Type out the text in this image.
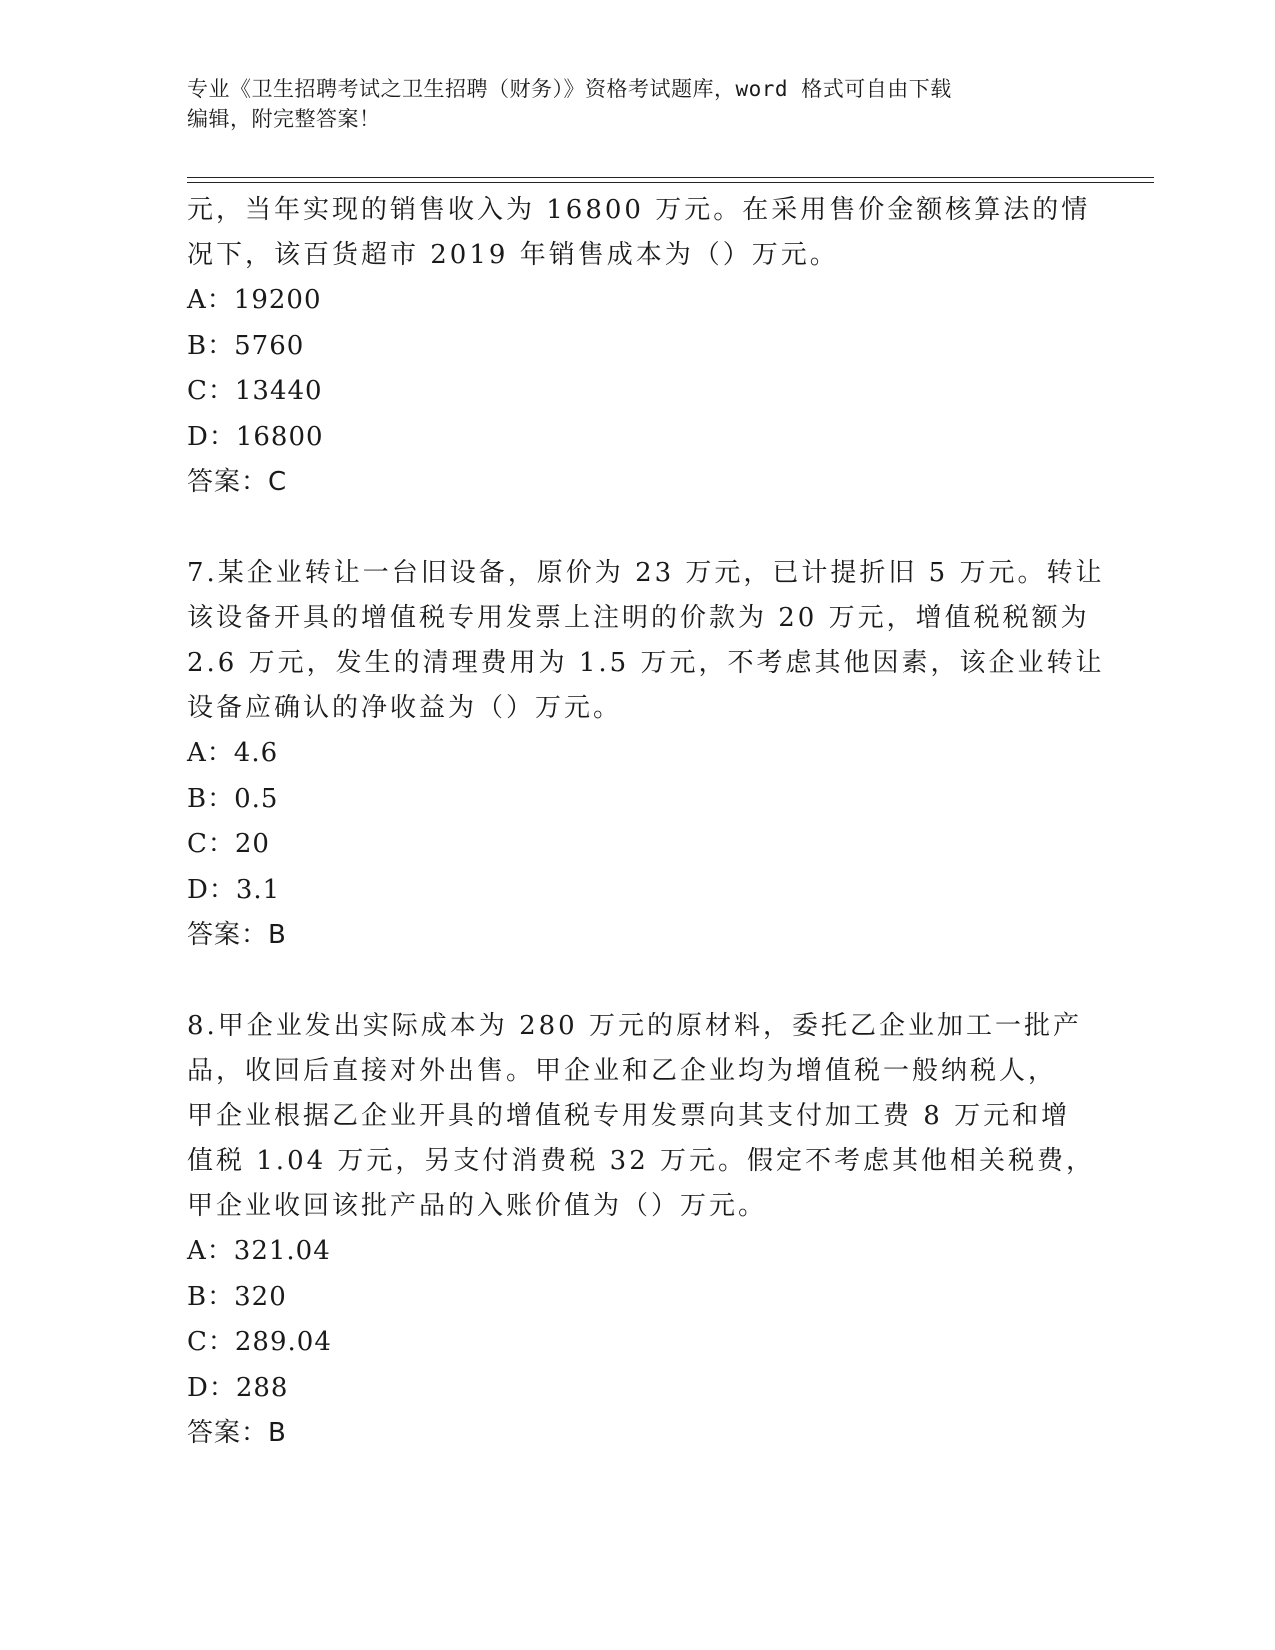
专业《卫生招聘考试之卫生招聘（财务）》资格考试题库，word 格式可自由下载
编辑，附完整答案！
元，当年实现的销售收入为 16800 万元。在采用售价金额核算法的情
况下，该百货超市 2019 年销售成本为（）万元。
A：19200
B：5760
C：13440
D：16800
答案：C
7.某企业转让一台旧设备，原价为 23 万元，已计提折旧 5 万元。转让
该设备开具的增值税专用发票上注明的价款为 20 万元，增值税税额为
2.6 万元，发生的清理费用为 1.5 万元，不考虑其他因素，该企业转让
设备应确认的净收益为（）万元。
A：4.6
B：0.5
C：20
D：3.1
答案：B
8.甲企业发出实际成本为 280 万元的原材料，委托乙企业加工一批产
品，收回后直接对外出售。甲企业和乙企业均为增值税一般纳税人，
甲企业根据乙企业开具的增值税专用发票向其支付加工费 8 万元和增
值税 1.04 万元，另支付消费税 32 万元。假定不考虑其他相关税费，
甲企业收回该批产品的入账价值为（）万元。
A：321.04
B：320
C：289.04
D：288
答案：B
